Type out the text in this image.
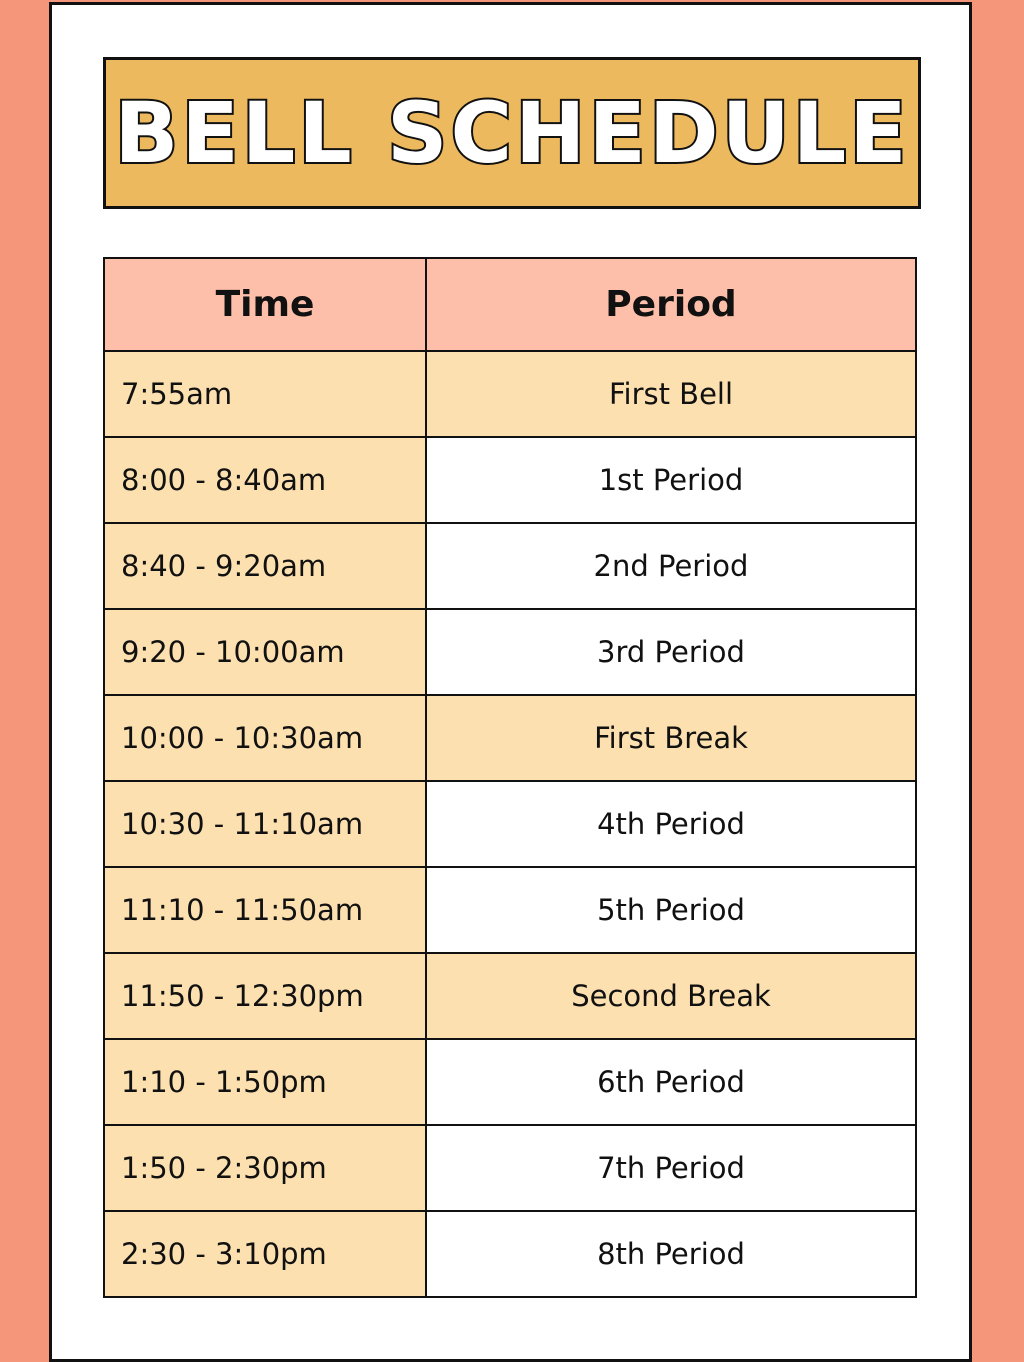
BELL SCHEDULE
Time	Period
7:55am	First Bell
8:00 - 8:40am	1st Period
8:40 - 9:20am	2nd Period
9:20 - 10:00am	3rd Period
10:00 - 10:30am	First Break
10:30 - 11:10am	4th Period
11:10 - 11:50am	5th Period
11:50 - 12:30pm	Second Break
1:10 - 1:50pm	6th Period
1:50 - 2:30pm	7th Period
2:30 - 3:10pm	8th Period
